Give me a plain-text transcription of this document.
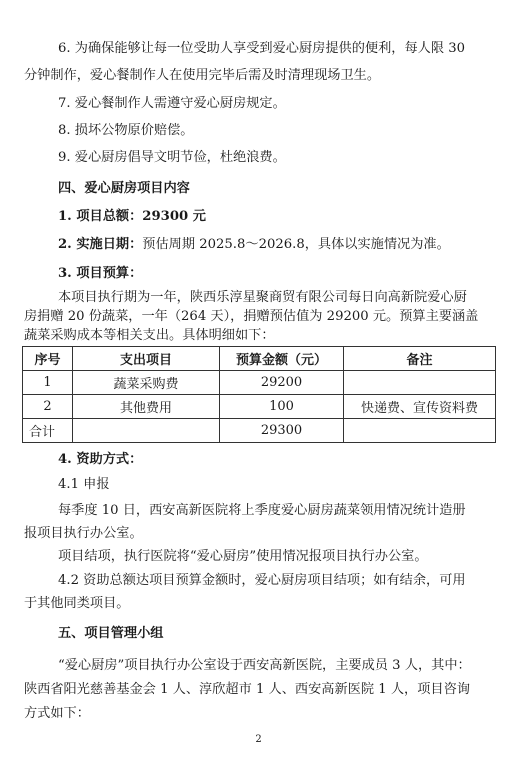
6. 为确保能够让每一位受助人享受到爱心厨房提供的便利，每人限 30
分钟制作，爱心餐制作人在使用完毕后需及时清理现场卫生。
7. 爱心餐制作人需遵守爱心厨房规定。
8. 损坏公物原价赔偿。
9. 爱心厨房倡导文明节俭，杜绝浪费。
四、爱心厨房项目内容
1. 项目总额：29300 元
2. 实施日期：预估周期 2025.8～2026.8，具体以实施情况为准。
3. 项目预算：
本项目执行期为一年，陕西乐淳星聚商贸有限公司每日向高新院爱心厨
房捐赠 20 份蔬菜，一年（264 天），捐赠预估值为 29200 元。预算主要涵盖
蔬菜采购成本等相关支出。具体明细如下：
序号	支出项目	预算金额（元）	备注
1	蔬菜采购费	29200	
2	其他费用	100	快递费、宣传资料费
合计		29300	
4. 资助方式：
4.1 申报
每季度 10 日，西安高新医院将上季度爱心厨房蔬菜领用情况统计造册
报项目执行办公室。
项目结项，执行医院将“爱心厨房”使用情况报项目执行办公室。
4.2 资助总额达项目预算金额时，爱心厨房项目结项；如有结余，可用
于其他同类项目。
五、项目管理小组
“爱心厨房”项目执行办公室设于西安高新医院，主要成员 3 人，其中：
陕西省阳光慈善基金会 1 人、淳欣超市 1 人、西安高新医院 1 人，项目咨询
方式如下：
2
